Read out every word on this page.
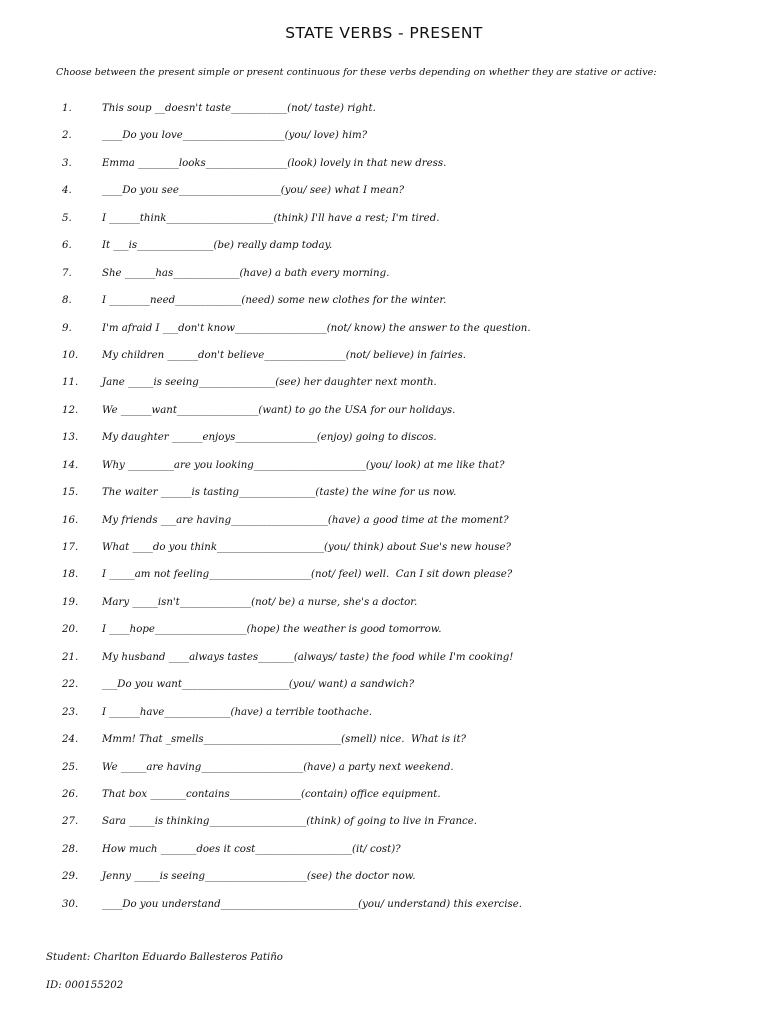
STATE VERBS - PRESENT
Choose between the present simple or present continuous for these verbs depending on whether they are stative or active:
1.	This soup __doesn't taste___________(not/ taste) right.
2.	____Do you love____________________(you/ love) him?
3.	Emma ________looks________________(look) lovely in that new dress.
4.	____Do you see____________________(you/ see) what I mean?
5.	I ______think_____________________(think) I'll have a rest; I'm tired.
6.	It ___is_______________(be) really damp today.
7.	She ______has_____________(have) a bath every morning.
8.	I ________need_____________(need) some new clothes for the winter.
9.	I'm afraid I ___don't know__________________(not/ know) the answer to the question.
10.	My children ______don't believe________________(not/ believe) in fairies.
11.	Jane _____is seeing_______________(see) her daughter next month.
12.	We ______want________________(want) to go the USA for our holidays.
13.	My daughter ______enjoys________________(enjoy) going to discos.
14.	Why _________are you looking______________________(you/ look) at me like that?
15.	The waiter ______is tasting_______________(taste) the wine for us now.
16.	My friends ___are having___________________(have) a good time at the moment?
17.	What ____do you think_____________________(you/ think) about Sue's new house?
18.	I _____am not feeling____________________(not/ feel) well.  Can I sit down please?
19.	Mary _____isn't______________(not/ be) a nurse, she's a doctor.
20.	I ____hope__________________(hope) the weather is good tomorrow.
21.	My husband ____always tastes_______(always/ taste) the food while I'm cooking!
22.	___Do you want_____________________(you/ want) a sandwich?
23.	I ______have_____________(have) a terrible toothache.
24.	Mmm! That _smells___________________________(smell) nice.  What is it?
25.	We _____are having____________________(have) a party next weekend.
26.	That box _______contains______________(contain) office equipment.
27.	Sara _____is thinking___________________(think) of going to live in France.
28.	How much _______does it cost___________________(it/ cost)?
29.	Jenny _____is seeing____________________(see) the doctor now.
30.	____Do you understand___________________________(you/ understand) this exercise.
Student: Charlton Eduardo Ballesteros Patiño
ID: 000155202
